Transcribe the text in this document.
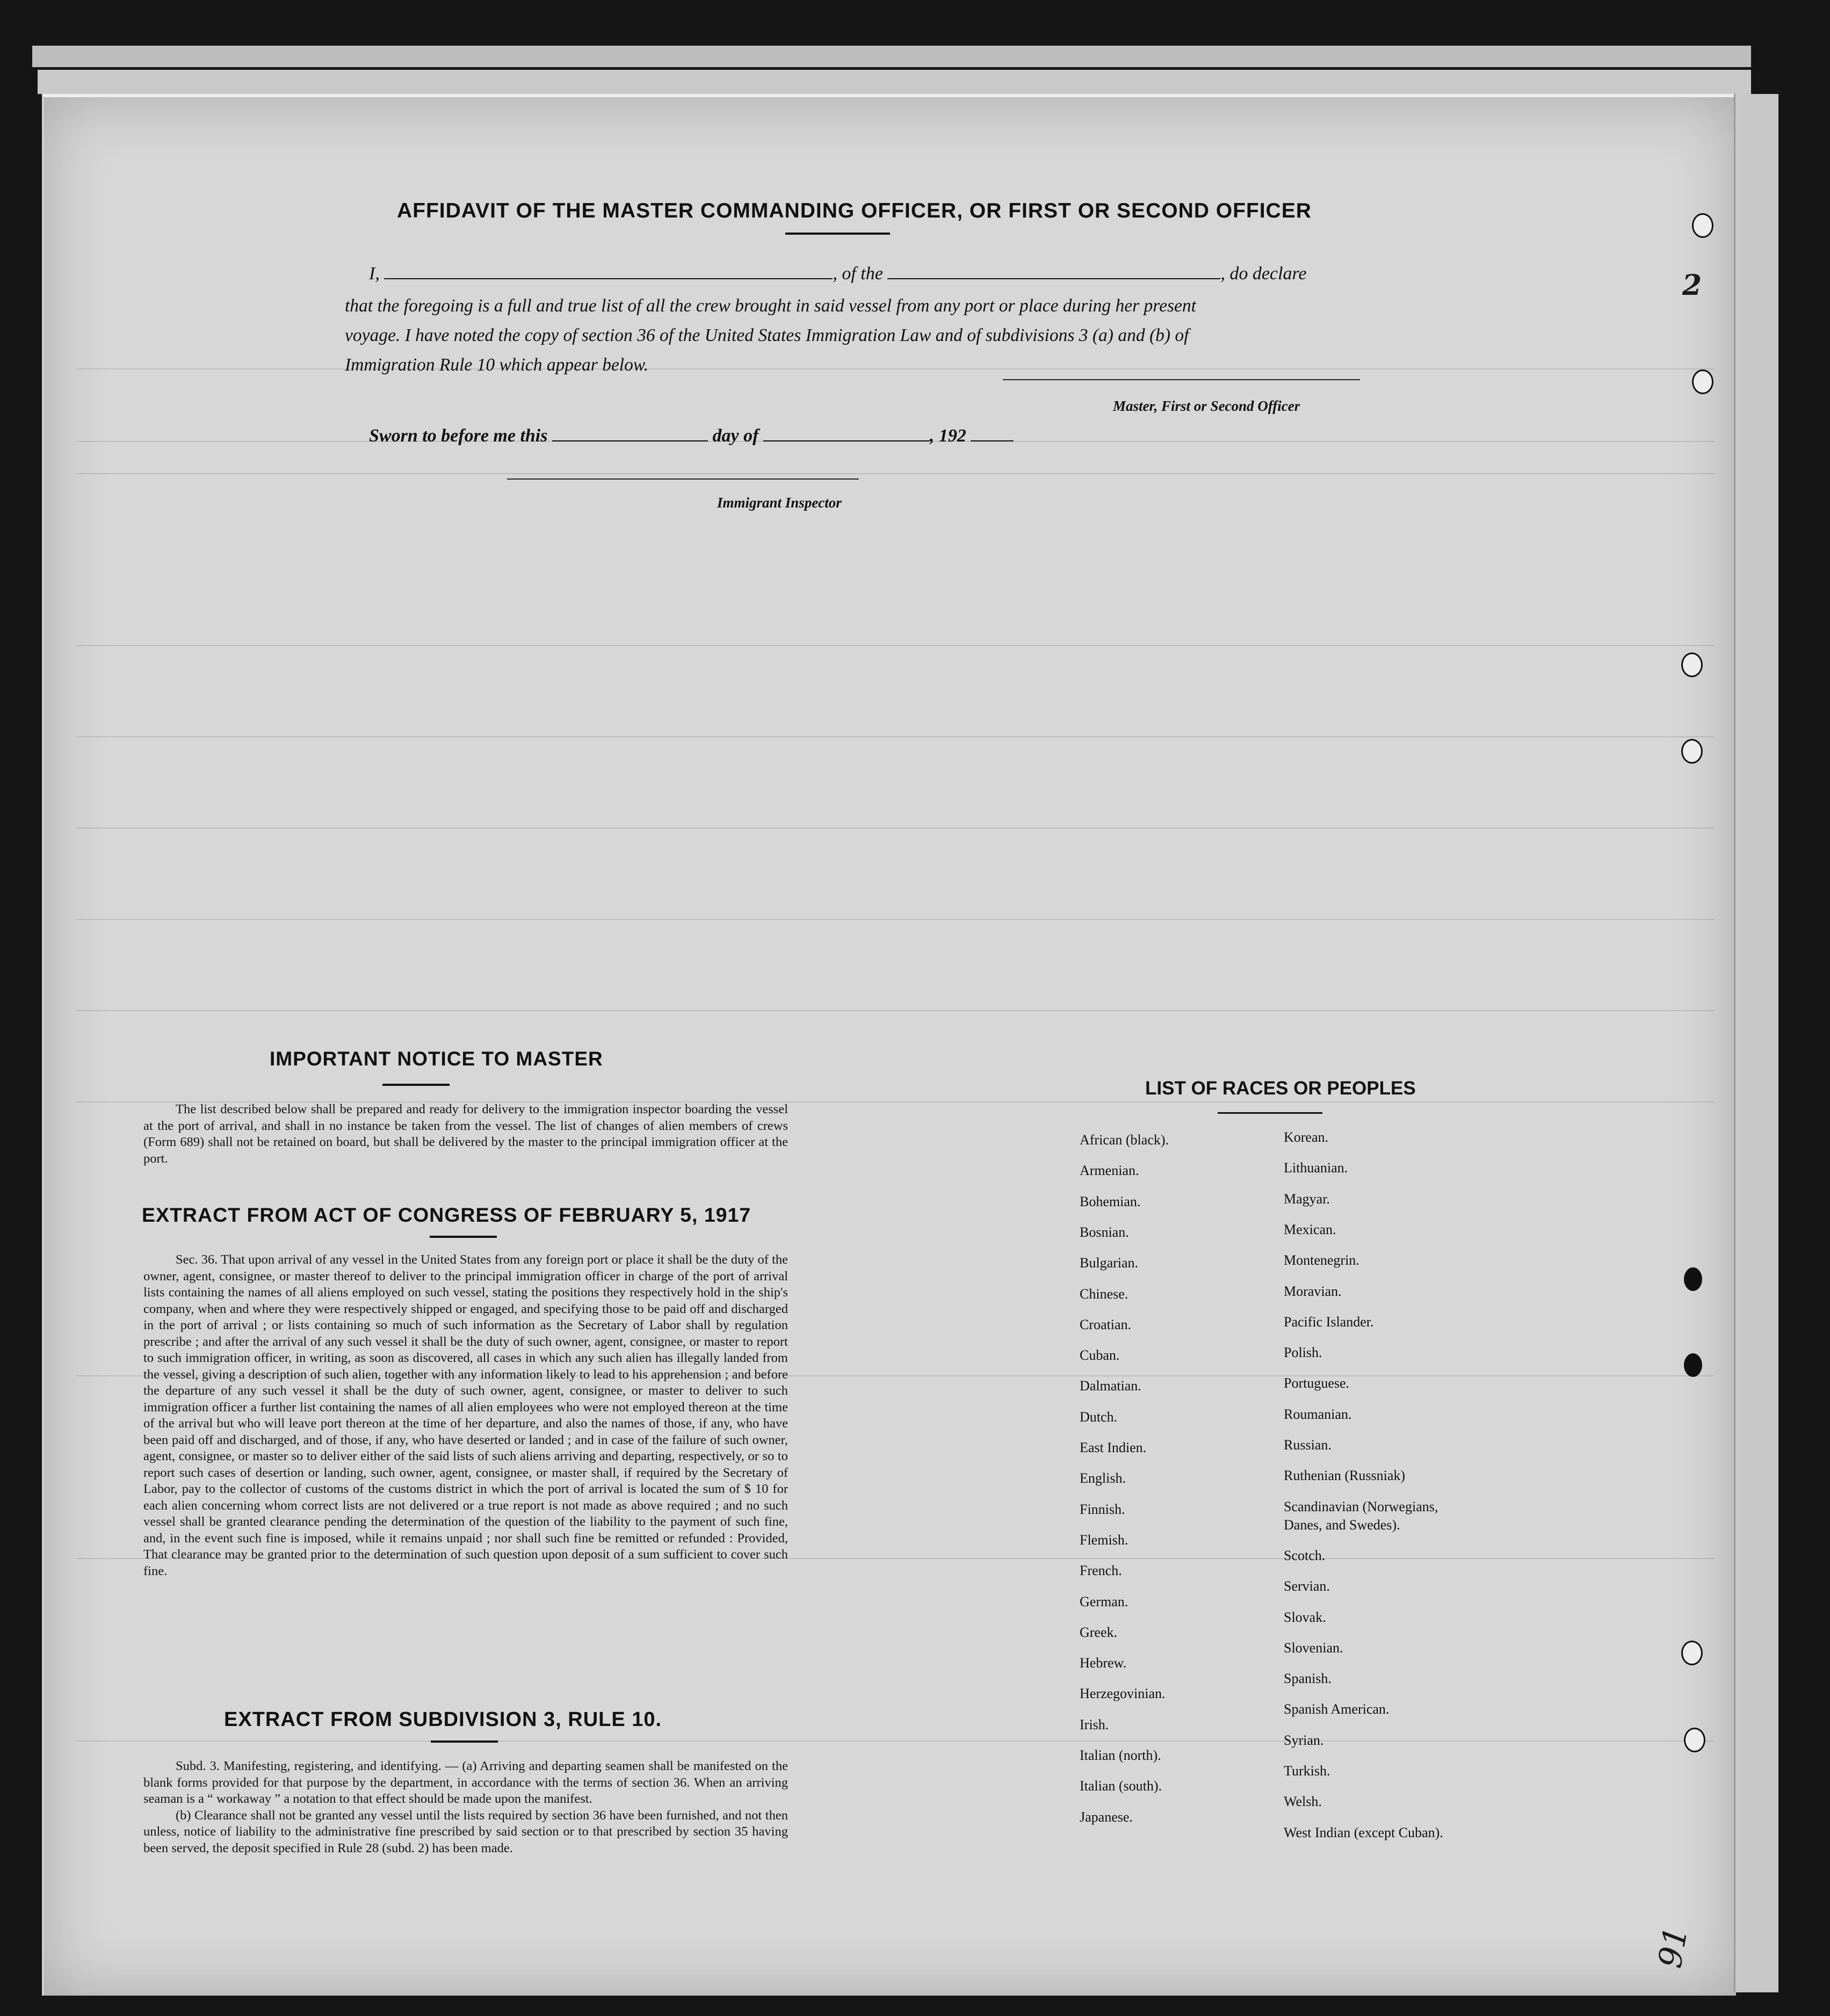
AFFIDAVIT OF THE MASTER COMMANDING OFFICER, OR FIRST OR SECOND OFFICER
I,	, of the	, do declare
that the foregoing is a full and true list of all the crew brought in said vessel from any port or place during her present
voyage. I have noted the copy of section 36 of the United States Immigration Law and of subdivisions 3 (a) and (b) of
Immigration Rule 10 which appear below.
Master, First or Second Officer
Sworn to before me this	day of	, 192
Immigrant Inspector
IMPORTANT NOTICE TO MASTER

The list described below shall be prepared and ready for delivery to the immigration inspector boarding the vessel at the port of arrival, and shall in no instance be taken from the vessel. The list of changes of alien members of crews (Form 689) shall not be retained on board, but shall be delivered by the master to the principal immigration officer at the port.

EXTRACT FROM ACT OF CONGRESS OF FEBRUARY 5, 1917

Sec. 36. That upon arrival of any vessel in the United States from any foreign port or place it shall be the duty of the owner, agent, consignee, or master thereof to deliver to the principal immigration officer in charge of the port of arrival lists containing the names of all aliens employed on such vessel, stating the positions they respectively hold in the ship's company, when and where they were respectively shipped or engaged, and specifying those to be paid off and discharged in the port of arrival ; or lists containing so much of such information as the Secretary of Labor shall by regulation prescribe ; and after the arrival of any such vessel it shall be the duty of such owner, agent, consignee, or master to report to such immigration officer, in writing, as soon as discovered, all cases in which any such alien has illegally landed from the vessel, giving a description of such alien, together with any information likely to lead to his apprehension ; and before the departure of any such vessel it shall be the duty of such owner, agent, consignee, or master to deliver to such immigration officer a further list containing the names of all alien employees who were not employed thereon at the time of the arrival but who will leave port thereon at the time of her departure, and also the names of those, if any, who have been paid off and discharged, and of those, if any, who have deserted or landed ; and in case of the failure of such owner, agent, consignee, or master so to deliver either of the said lists of such aliens arriving and departing, respectively, or so to report such cases of desertion or landing, such owner, agent, consignee, or master shall, if required by the Secretary of Labor, pay to the collector of customs of the customs district in which the port of arrival is located the sum of $ 10 for each alien concerning whom correct lists are not delivered or a true report is not made as above required ; and no such vessel shall be granted clearance pending the determination of the question of the liability to the payment of such fine, and, in the event such fine is imposed, while it remains unpaid ; nor shall such fine be remitted or refunded : Provided, That clearance may be granted prior to the determination of such question upon deposit of a sum sufficient to cover such fine.

EXTRACT FROM SUBDIVISION 3, RULE 10.

Subd. 3. Manifesting, registering, and identifying. — (a) Arriving and departing seamen shall be manifested on the blank forms provided for that purpose by the department, in accordance with the terms of section 36. When an arriving seaman is a “ workaway ” a notation to that effect should be made upon the manifest.

(b) Clearance shall not be granted any vessel until the lists required by section 36 have been furnished, and not then unless, notice of liability to the administrative fine prescribed by said section or to that prescribed by section 35 having been served, the deposit specified in Rule 28 (subd. 2) has been made.

LIST OF RACES OR PEOPLES
African (black).
Armenian.
Bohemian.
Bosnian.
Bulgarian.
Chinese.
Croatian.
Cuban.
Dalmatian.
Dutch.
East Indien.
English.
Finnish.
Flemish.
French.
German.
Greek.
Hebrew.
Herzegovinian.
Irish.
Italian (north).
Italian (south).
Japanese.
Korean.
Lithuanian.
Magyar.
Mexican.
Montenegrin.
Moravian.
Pacific Islander.
Polish.
Portuguese.
Roumanian.
Russian.
Ruthenian (Russniak)
Scandinavian (Norwegians,
Danes, and Swedes).
Scotch.
Servian.
Slovak.
Slovenian.
Spanish.
Spanish American.
Syrian.
Turkish.
Welsh.
West Indian (except Cuban).
2
91
